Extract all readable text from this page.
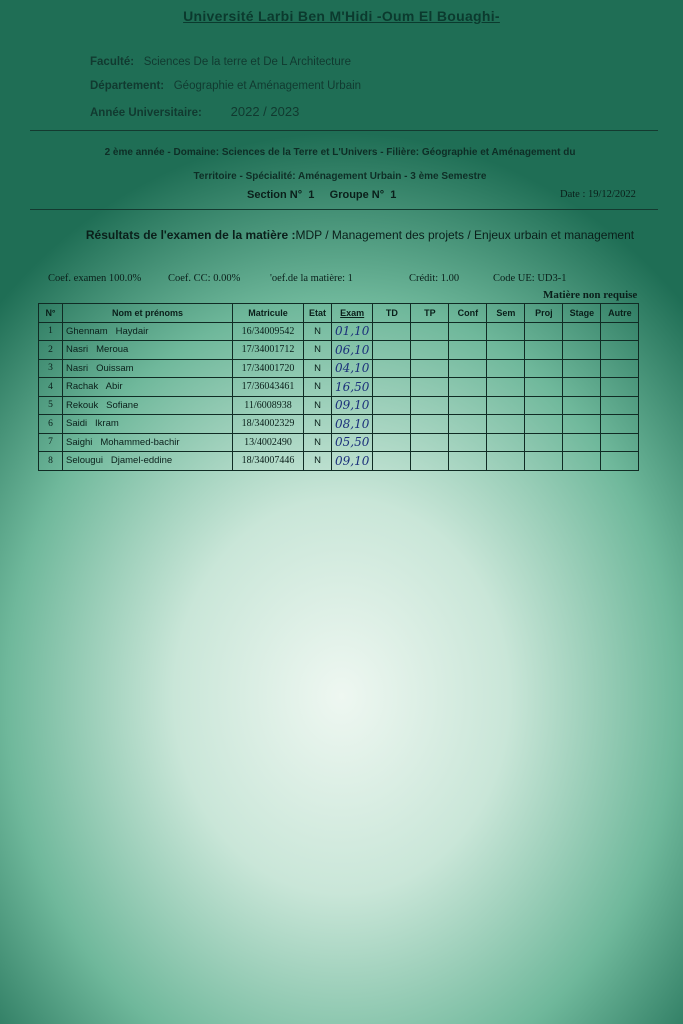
Université Larbi Ben M'Hidi -Oum El Bouaghi-
Faculté: Sciences De la terre et De L Architecture
Département: Géographie et Aménagement Urbain
Année Universitaire: 2022 / 2023
2 ème année - Domaine: Sciences de la Terre et L'Univers - Filière: Géographie et Aménagement du
Territoire - Spécialité: Aménagement Urbain - 3 ème Semestre
Section N°  1     Groupe N°  1	Date : 19/12/2022
Résultats de l'examen de la matière :MDP / Management des projets / Enjeux urbain et management
Coef. examen 100.0%	Coef. CC: 0.00%	'oef.de la matière: 1	Crédit: 1.00	Code UE: UD3-1
Matière non requise
N°	Nom et prénoms	Matricule	Etat	Exam	TD	TP	Conf	Sem	Proj	Stage	Autre
1	Ghennam   Haydair	16/34009542	N	01,10							
2	Nasri   Meroua	17/34001712	N	06,10							
3	Nasri   Ouissam	17/34001720	N	04,10							
4	Rachak   Abir	17/36043461	N	16,50							
5	Rekouk   Sofiane	11/6008938	N	09,10							
6	Saidi   Ikram	18/34002329	N	08,10							
7	Saighi   Mohammed-bachir	13/4002490	N	05,50							
8	Selougui   Djamel-eddine	18/34007446	N	09,10							
